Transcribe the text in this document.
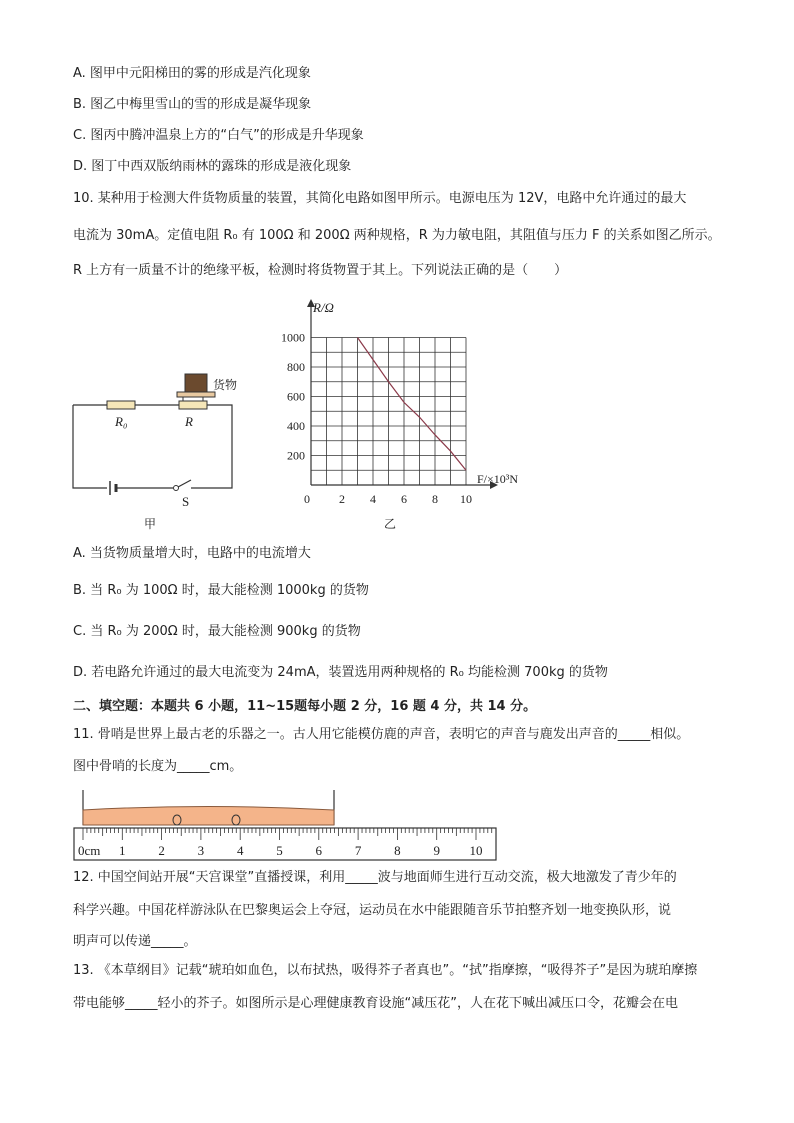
A. 图甲中元阳梯田的雾的形成是汽化现象
B. 图乙中梅里雪山的雪的形成是凝华现象
C. 图丙中腾冲温泉上方的“白气”的形成是升华现象
D. 图丁中西双版纳雨林的露珠的形成是液化现象
10. 某种用于检测大件货物质量的装置，其简化电路如图甲所示。电源电压为 12V，电路中允许通过的最大
电流为 30mA。定值电阻 R₀ 有 100Ω 和 200Ω 两种规格，R 为力敏电阻，其阻值与压力 F 的关系如图乙所示。
R 上方有一质量不计的绝缘平板，检测时将货物置于其上。下列说法正确的是（　　）
货物
R₀	R
S
甲
R/Ω
F/×10³N
1000
800
600
400
200
0 2 4 6 8 10
乙
A. 当货物质量增大时，电路中的电流增大
B. 当 R₀ 为 100Ω 时，最大能检测 1000kg 的货物
C. 当 R₀ 为 200Ω 时，最大能检测 900kg 的货物
D. 若电路允许通过的最大电流变为 24mA，装置选用两种规格的 R₀ 均能检测 700kg 的货物
二、填空题：本题共 6 小题，11~15题每小题 2 分，16 题 4 分，共 14 分。
11. 骨哨是世界上最古老的乐器之一。古人用它能模仿鹿的声音，表明它的声音与鹿发出声音的_____相似。
图中骨哨的长度为_____cm。
0cm 1	2	3	4	5	6	7	8	9 10
12. 中国空间站开展“天宫课堂”直播授课，利用_____波与地面师生进行互动交流，极大地激发了青少年的
科学兴趣。中国花样游泳队在巴黎奥运会上夺冠，运动员在水中能跟随音乐节拍整齐划一地变换队形，说
明声可以传递_____。
13. 《本草纲目》记载“琥珀如血色，以布拭热，吸得芥子者真也”。“拭”指摩擦，“吸得芥子”是因为琥珀摩擦
带电能够_____轻小的芥子。如图所示是心理健康教育设施“减压花”，人在花下喊出减压口令，花瓣会在电
